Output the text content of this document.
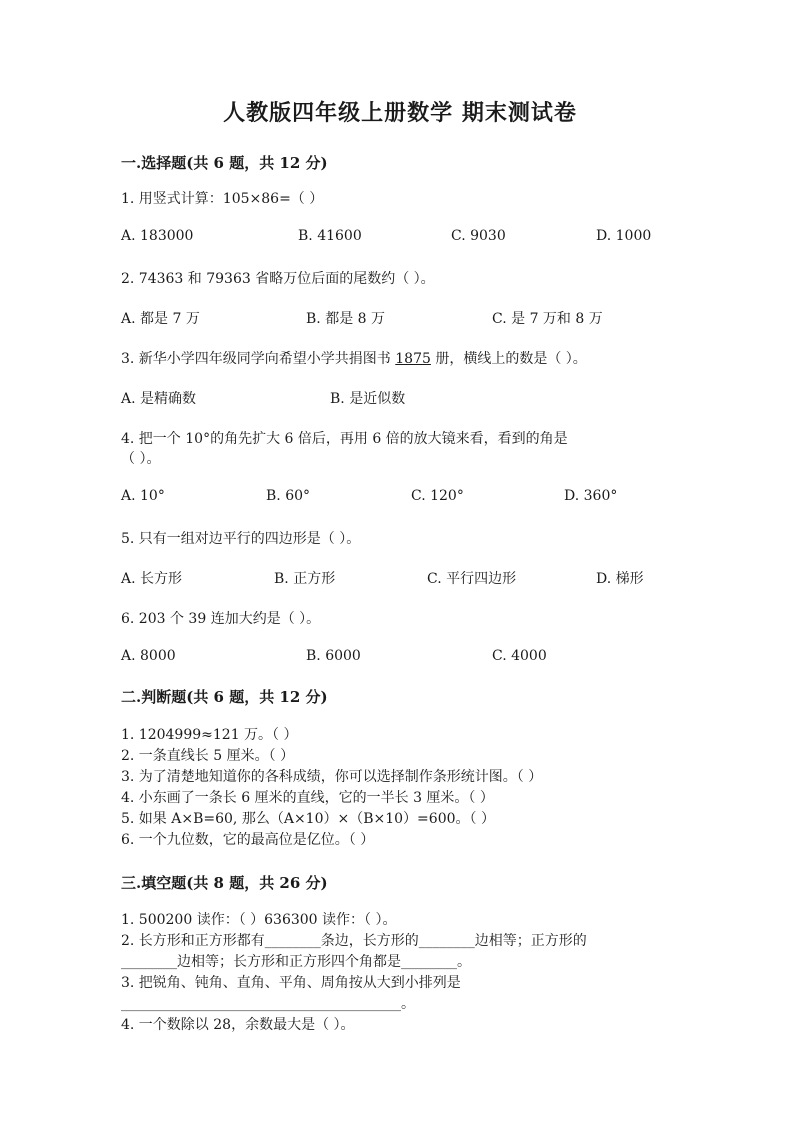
人教版四年级上册数学 期末测试卷
一.选择题(共 6 题，共 12 分)
1. 用竖式计算：105×86=（ ）
A. 183000	B. 41600	C. 9030	D. 1000
2. 74363 和 79363 省略万位后面的尾数约（ ）。
A. 都是 7 万	B. 都是 8 万	C. 是 7 万和 8 万
3. 新华小学四年级同学向希望小学共捐图书 1875 册，横线上的数是（ ）。
A. 是精确数	B. 是近似数
4. 把一个 10°的角先扩大 6 倍后，再用 6 倍的放大镜来看，看到的角是
（ ）。
A. 10°	B. 60°	C. 120°	D. 360°
5. 只有一组对边平行的四边形是（ ）。
A. 长方形	B. 正方形	C. 平行四边形	D. 梯形
6. 203 个 39 连加大约是（ ）。
A. 8000	B. 6000	C. 4000
二.判断题(共 6 题，共 12 分)
1. 1204999≈121 万。（ ）
2. 一条直线长 5 厘米。（ ）
3. 为了清楚地知道你的各科成绩，你可以选择制作条形统计图。（ ）
4. 小东画了一条长 6 厘米的直线，它的一半长 3 厘米。（ ）
5. 如果 A×B=60, 那么（A×10）×（B×10）=600。（ ）
6. 一个九位数，它的最高位是亿位。（ ）
三.填空题(共 8 题，共 26 分)
1. 500200 读作：（ ）636300 读作：（ ）。
2. 长方形和正方形都有________条边，长方形的________边相等；正方形的
________边相等；长方形和正方形四个角都是________。
3. 把锐角、钝角、直角、平角、周角按从大到小排列是
________________________________________。
4. 一个数除以 28，余数最大是（ ）。
